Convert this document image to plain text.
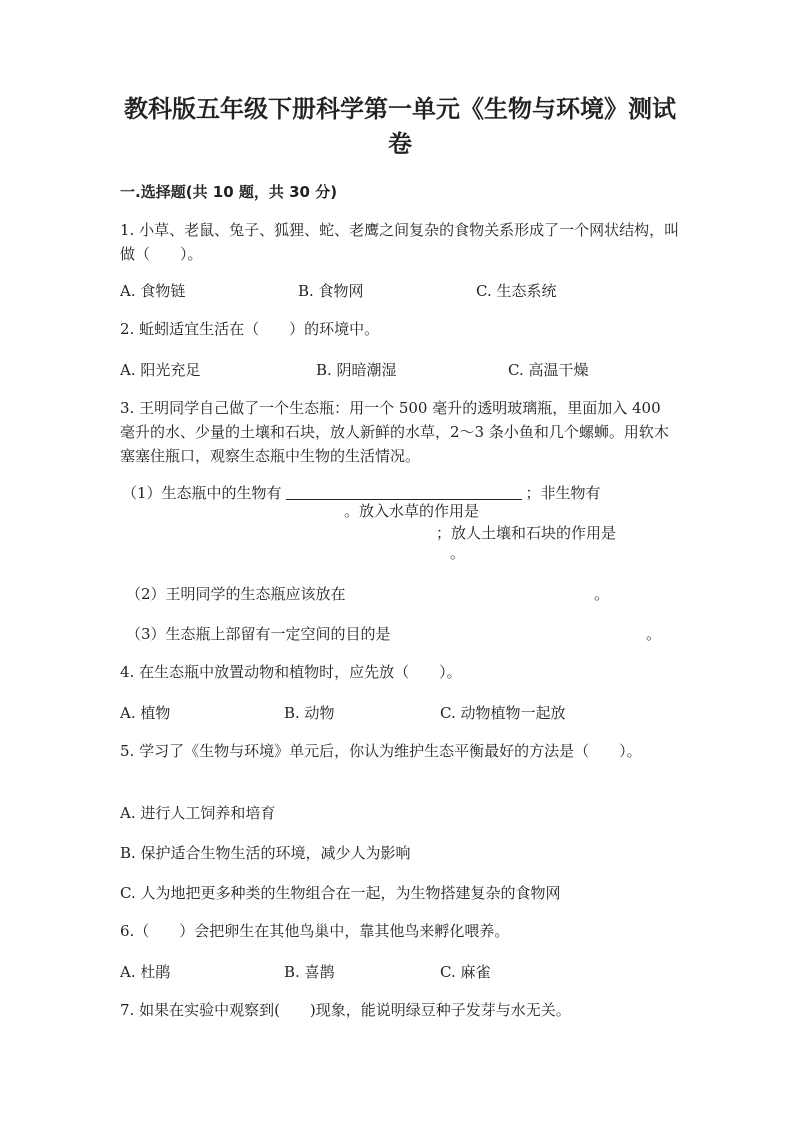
教科版五年级下册科学第一单元《生物与环境》测试卷
一.选择题(共 10 题，共 30 分)
1. 小草、老鼠、兔子、狐狸、蛇、老鹰之间复杂的食物关系形成了一个网状结构，叫做（　　）。
A. 食物链	B. 食物网	C. 生态系统
2. 蚯蚓适宜生活在（　　）的环境中。
A. 阳光充足	B. 阴暗潮湿	C. 高温干燥
3. 王明同学自己做了一个生态瓶：用一个 500 毫升的透明玻璃瓶，里面加入 400 毫升的水、少量的土壤和石块，放人新鲜的水草，2～3 条小鱼和几个螺蛳。用软木塞塞住瓶口，观察生态瓶中生物的生活情况。
（1）生态瓶中的生物有	；非生物有
。放入水草的作用是
；放人土壤和石块的作用是
。
（2）王明同学的生态瓶应该放在	。
（3）生态瓶上部留有一定空间的目的是	。
4. 在生态瓶中放置动物和植物时，应先放（　　）。
A. 植物	B. 动物	C. 动物植物一起放
5. 学习了《生物与环境》单元后，你认为维护生态平衡最好的方法是（　　）。
A. 进行人工饲养和培育
B. 保护适合生物生活的环境，减少人为影响
C. 人为地把更多种类的生物组合在一起，为生物搭建复杂的食物网
6.（　　）会把卵生在其他鸟巢中，靠其他鸟来孵化喂养。
A. 杜鹃	B. 喜鹊	C. 麻雀
7. 如果在实验中观察到(　　)现象，能说明绿豆种子发芽与水无关。
